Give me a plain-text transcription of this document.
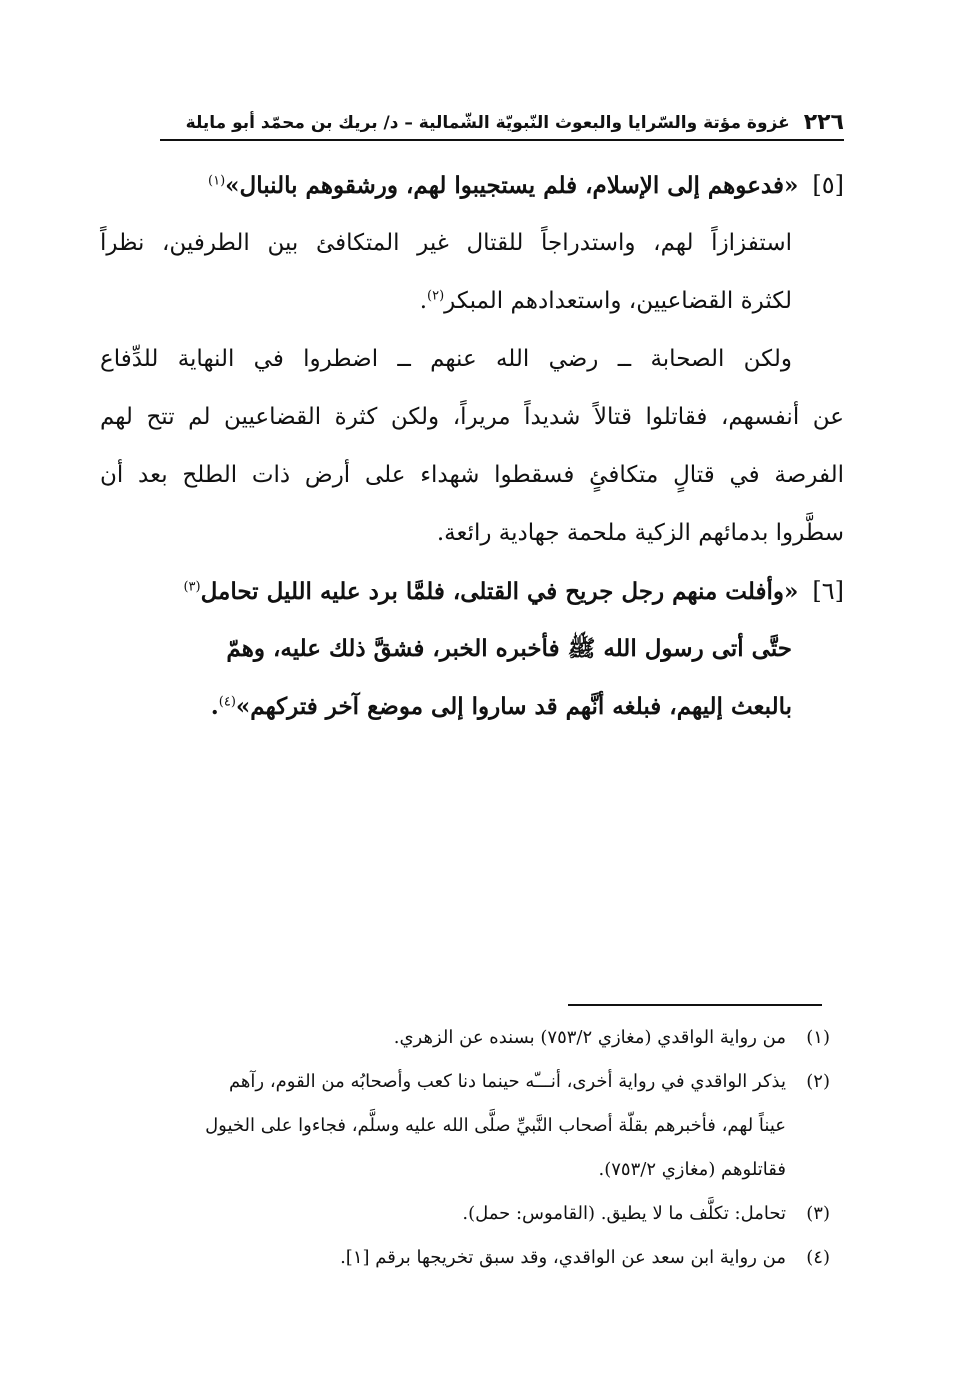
٢٢٦
غزوة مؤتة والسّرايا والبعوث النّبويّة الشّمالية – د/ بريك بن محمّد أبو مايلة
[٥]«فدعوهم إلى الإسلام، فلم يستجيبوا لهم، ورشقوهم بالنبال»$^{(١)}$
استفزازاً لهم، واستدراجاً للقتال غير المتكافئ بين الطرفين، نظراً
لكثرة القضاعيين، واستعدادهم المبكر$^{(٢)}$.
ولكن الصحابة ــ رضي الله عنهم ــ اضطروا في النهاية للدِّفاع
عن أنفسهم، فقاتلوا قتالاً شديداً مريراً، ولكن كثرة القضاعيين لم تتح لهم
الفرصة في قتالٍ متكافئٍ فسقطوا شهداء على أرض ذات الطلح بعد أن
سطَّروا بدمائهم الزكية ملحمة جهادية رائعة.
[٦]«وأفلت منهم رجل جريح في القتلى، فلمَّا برد عليه الليل تحامل$^{(٣)}$
حتَّى أتى رسول الله ﷺ فأخبره الخبر، فشقَّ ذلك عليه، وهمّ
بالبعث إليهم، فبلغه أنَّهم قد ساروا إلى موضع آخر فتركهم»$^{(٤)}$.
(١)من رواية الواقدي (مغازي ٧٥٣/٢) بسنده عن الزهري.
(٢)يذكر الواقدي في رواية أخرى، أنـــّه حينما دنا كعب وأصحابُه من القوم، رآهم
عيناً لهم، فأخبرهم بقلّة أصحاب النَّبيِّ صلَّى الله عليه وسلَّم، فجاءوا على الخيول
فقاتلوهم (مغازي ٧٥٣/٢).
(٣)تحامل: تكلَّف ما لا يطيق. (القاموس: حمل).
(٤)من رواية ابن سعد عن الواقدي، وقد سبق تخريجها برقم [١].
